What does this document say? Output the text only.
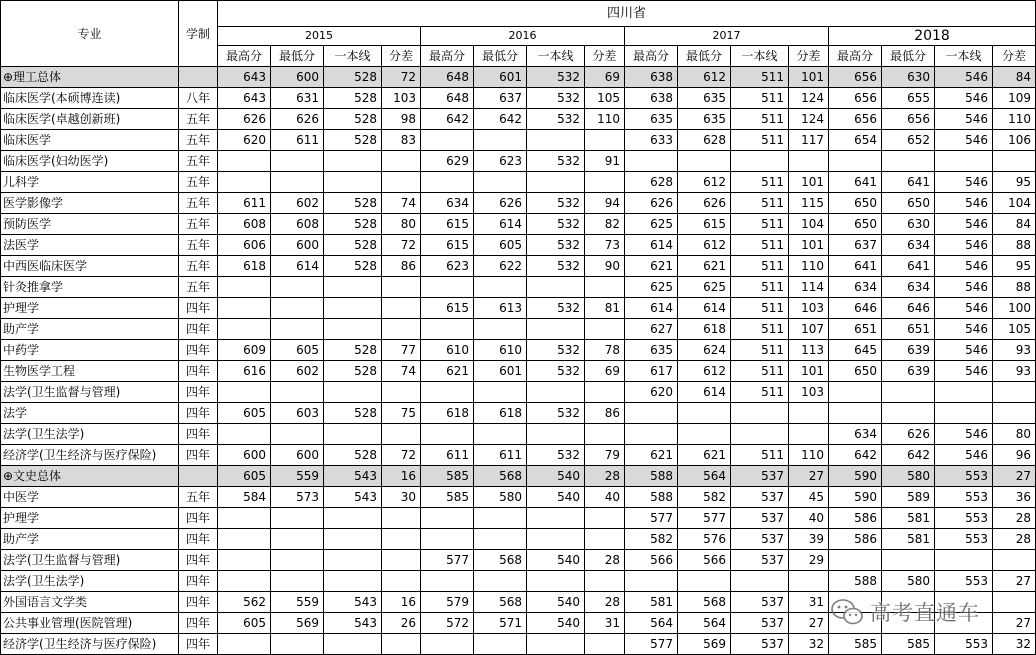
专业	学制	四川省															
		2015				2016				2017				2018			
		最高分	最低分	一本线	分差	最高分	最低分	一本线	分差	最高分	最低分	一本线	分差	最高分	最低分	一本线	分差
⊕理工总体		643	600	528	72	648	601	532	69	638	612	511	101	656	630	546	84
临床医学(本硕博连读)	八年	643	631	528	103	648	637	532	105	638	635	511	124	656	655	546	109
临床医学(卓越创新班)	五年	626	626	528	98	642	642	532	110	635	635	511	124	656	656	546	110
临床医学	五年	620	611	528	83					633	628	511	117	654	652	546	106
临床医学(妇幼医学)	五年					629	623	532	91								
儿科学	五年									628	612	511	101	641	641	546	95
医学影像学	五年	611	602	528	74	634	626	532	94	626	626	511	115	650	650	546	104
预防医学	五年	608	608	528	80	615	614	532	82	625	615	511	104	650	630	546	84
法医学	五年	606	600	528	72	615	605	532	73	614	612	511	101	637	634	546	88
中西医临床医学	五年	618	614	528	86	623	622	532	90	621	621	511	110	641	641	546	95
针灸推拿学	五年									625	625	511	114	634	634	546	88
护理学	四年					615	613	532	81	614	614	511	103	646	646	546	100
助产学	四年									627	618	511	107	651	651	546	105
中药学	四年	609	605	528	77	610	610	532	78	635	624	511	113	645	639	546	93
生物医学工程	四年	616	602	528	74	621	601	532	69	617	612	511	101	650	639	546	93
法学(卫生监督与管理)	四年									620	614	511	103				
法学	四年	605	603	528	75	618	618	532	86								
法学(卫生法学)	四年													634	626	546	80
经济学(卫生经济与医疗保险)	四年	600	600	528	72	611	611	532	79	621	621	511	110	642	642	546	96
⊕文史总体		605	559	543	16	585	568	540	28	588	564	537	27	590	580	553	27
中医学	五年	584	573	543	30	585	580	540	40	588	582	537	45	590	589	553	36
护理学	四年									577	577	537	40	586	581	553	28
助产学	四年									582	576	537	39	586	581	553	28
法学(卫生监督与管理)	四年					577	568	540	28	566	566	537	29				
法学(卫生法学)	四年													588	580	553	27
外国语言文学类	四年	562	559	543	16	579	568	540	28	581	568	537	31				
公共事业管理(医院管理)	四年	605	569	543	26	572	571	540	31	564	564	537	27				27
经济学(卫生经济与医疗保险)	四年									577	569	537	32	585	585	553	32
高考直通车
